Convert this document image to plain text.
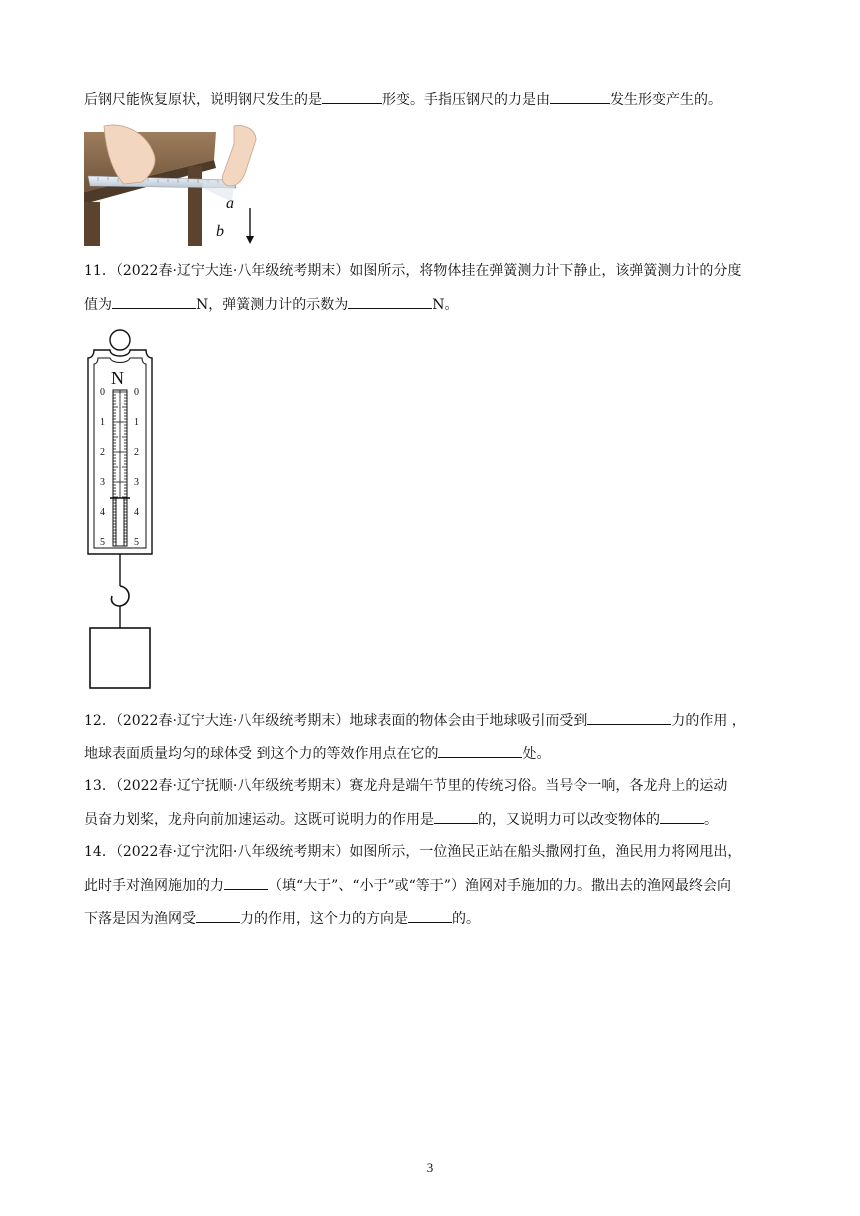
后钢尺能恢复原状，说明钢尺发生的是	形变。手指压钢尺的力是由	发生形变产生的。
a
b
11．（2022春·辽宁大连·八年级统考期末）如图所示，将物体挂在弹簧测力计下静止，该弹簧测力计的分度
值为	N，弹簧测力计的示数为	N。
N
0
1
2
3
4
5
0
1
2
3
4
5
12．（2022春·辽宁大连·八年级统考期末）地球表面的物体会由于地球吸引而受到	力的作用 ，
地球表面质量均匀的球体受 到这个力的等效作用点在它的	处。
13．（2022春·辽宁抚顺·八年级统考期末）赛龙舟是端午节里的传统习俗。当号令一响，各龙舟上的运动
员奋力划桨，龙舟向前加速运动。这既可说明力的作用是	的，又说明力可以改变物体的	。
14．（2022春·辽宁沈阳·八年级统考期末）如图所示，一位渔民正站在船头撒网打鱼，渔民用力将网甩出，
此时手对渔网施加的力	（填“大于”、“小于”或“等于”）渔网对手施加的力。撒出去的渔网最终会向
下落是因为渔网受	力的作用，这个力的方向是	的。
3
